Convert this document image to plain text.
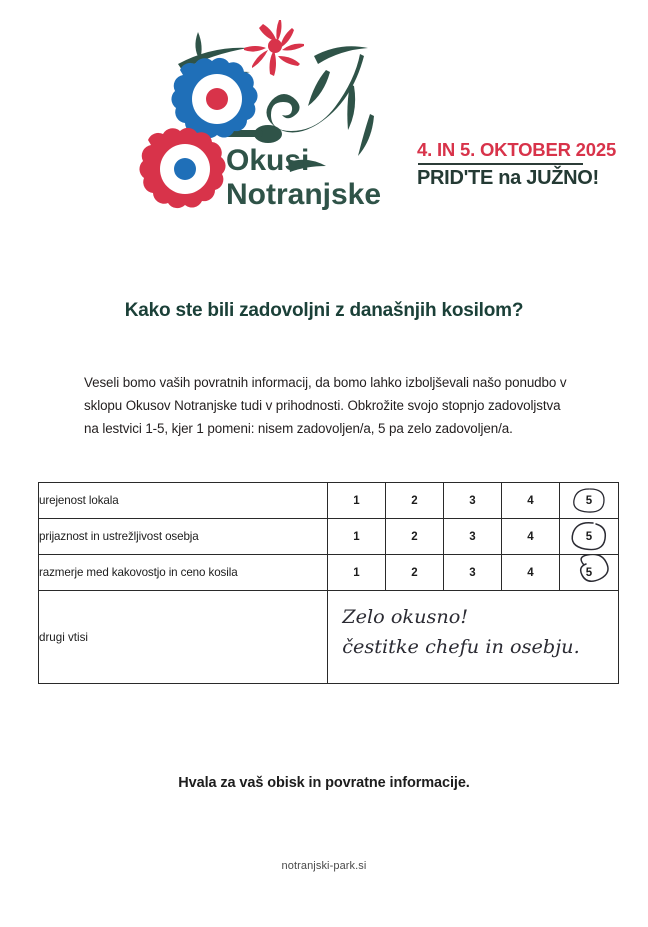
Okusi
Notranjske
4. IN 5. OKTOBER 2025
PRID'TE na JUŽNO!
Kako ste bili zadovoljni z današnjih kosilom?
Veseli bomo vaših povratnih informacij, da bomo lahko izboljševali našo ponudbo v sklopu Okusov Notranjske tudi v prihodnosti. Obkrožite svojo stopnjo zadovoljstva na lestvici 1-5, kjer 1 pomeni: nisem zadovoljen/a, 5 pa zelo zadovoljen/a.
urejenost lokala	1	2	3	4	5

prijaznost in ustrežljivost osebja	1	2	3	4	5

razmerje med kakovostjo in ceno kosila	1	2	3	4	5

drugi vtisi	Zelo okusno!
čestitke chefu in osebju.				
Hvala za vaš obisk in povratne informacije.
notranjski-park.si
